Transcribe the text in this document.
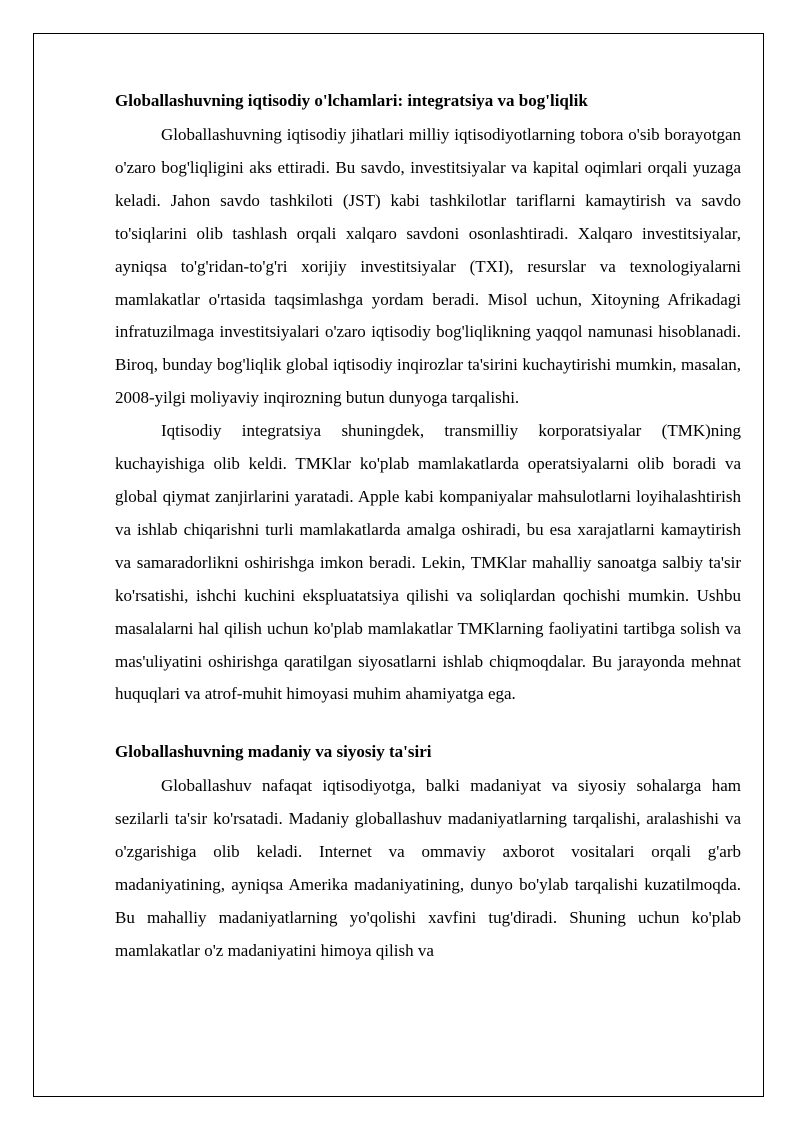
Globallashuvning iqtisodiy o'lchamlari: integratsiya va bog'liqlik

Globallashuvning iqtisodiy jihatlari milliy iqtisodiyotlarning tobora o'sib borayotgan o'zaro bog'liqligini aks ettiradi. Bu savdo, investitsiyalar va kapital oqimlari orqali yuzaga keladi. Jahon savdo tashkiloti (JST) kabi tashkilotlar tariflarni kamaytirish va savdo to'siqlarini olib tashlash orqali xalqaro savdoni osonlashtiradi. Xalqaro investitsiyalar, ayniqsa to'g'ridan-to'g'ri xorijiy investitsiyalar (TXI), resurslar va texnologiyalarni mamlakatlar o'rtasida taqsimlashga yordam beradi. Misol uchun, Xitoyning Afrikadagi infratuzilmaga investitsiyalari o'zaro iqtisodiy bog'liqlikning yaqqol namunasi hisoblanadi. Biroq, bunday bog'liqlik global iqtisodiy inqirozlar ta'sirini kuchaytirishi mumkin, masalan, 2008-yilgi moliyaviy inqirozning butun dunyoga tarqalishi.

Iqtisodiy integratsiya shuningdek, transmilliy korporatsiyalar (TMK)ning kuchayishiga olib keldi. TMKlar ko'plab mamlakatlarda operatsiyalarni olib boradi va global qiymat zanjirlarini yaratadi. Apple kabi kompaniyalar mahsulotlarni loyihalashtirish va ishlab chiqarishni turli mamlakatlarda amalga oshiradi, bu esa xarajatlarni kamaytirish va samaradorlikni oshirishga imkon beradi. Lekin, TMKlar mahalliy sanoatga salbiy ta'sir ko'rsatishi, ishchi kuchini ekspluatatsiya qilishi va soliqlardan qochishi mumkin. Ushbu masalalarni hal qilish uchun ko'plab mamlakatlar TMKlarning faoliyatini tartibga solish va mas'uliyatini oshirishga qaratilgan siyosatlarni ishlab chiqmoqdalar. Bu jarayonda mehnat huquqlari va atrof-muhit himoyasi muhim ahamiyatga ega.

Globallashuvning madaniy va siyosiy ta'siri

Globallashuv nafaqat iqtisodiyotga, balki madaniyat va siyosiy sohalarga ham sezilarli ta'sir ko'rsatadi. Madaniy globallashuv madaniyatlarning tarqalishi, aralashishi va o'zgarishiga olib keladi. Internet va ommaviy axborot vositalari orqali g'arb madaniyatining, ayniqsa Amerika madaniyatining, dunyo bo'ylab tarqalishi kuzatilmoqda. Bu mahalliy madaniyatlarning yo'qolishi xavfini tug'diradi. Shuning uchun ko'plab mamlakatlar o'z madaniyatini himoya qilish va
